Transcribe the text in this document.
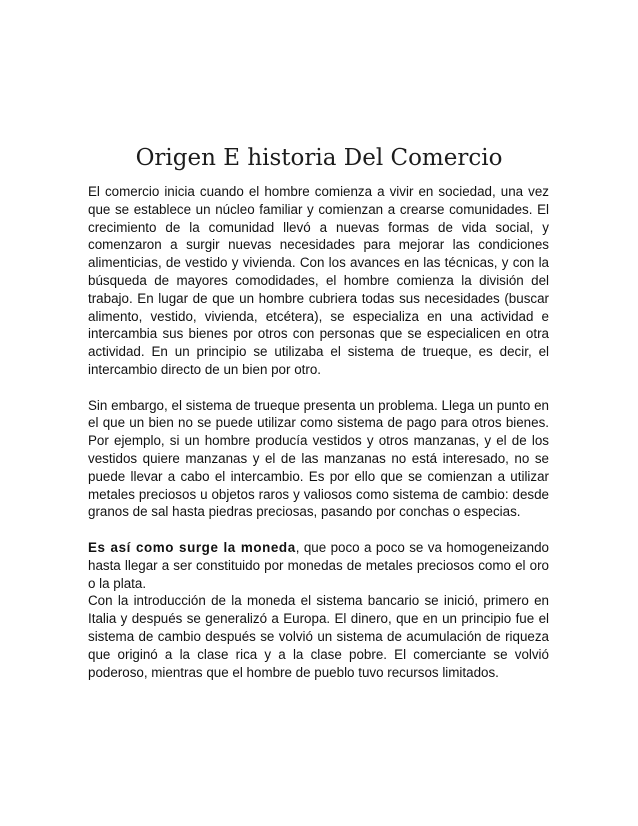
Origen E historia Del Comercio

El comercio inicia cuando el hombre comienza a vivir en sociedad, una vez que se establece un núcleo familiar y comienzan a crearse comunidades. El crecimiento de la comunidad llevó a nuevas formas de vida social, y comenzaron a surgir nuevas necesidades para mejorar las condiciones alimenticias, de vestido y vivienda. Con los avances en las técnicas, y con la búsqueda de mayores comodidades, el hombre comienza la división del trabajo. En lugar de que un hombre cubriera todas sus necesidades (buscar alimento, vestido, vivienda, etcétera), se especializa en una actividad e intercambia sus bienes por otros con personas que se especialicen en otra actividad. En un principio se utilizaba el sistema de trueque, es decir, el intercambio directo de un bien por otro.

Sin embargo, el sistema de trueque presenta un problema. Llega un punto en el que un bien no se puede utilizar como sistema de pago para otros bienes. Por ejemplo, si un hombre producía vestidos y otros manzanas, y el de los vestidos quiere manzanas y el de las manzanas no está interesado, no se puede llevar a cabo el intercambio. Es por ello que se comienzan a utilizar metales preciosos u objetos raros y valiosos como sistema de cambio: desde granos de sal hasta piedras preciosas, pasando por conchas o especias.

Es así como surge la moneda, que poco a poco se va homogeneizando hasta llegar a ser constituido por monedas de metales preciosos como el oro o la plata.

Con la introducción de la moneda el sistema bancario se inició, primero en Italia y después se generalizó a Europa. El dinero, que en un principio fue el sistema de cambio después se volvió un sistema de acumulación de riqueza que originó a la clase rica y a la clase pobre. El comerciante se volvió poderoso, mientras que el hombre de pueblo tuvo recursos limitados.
